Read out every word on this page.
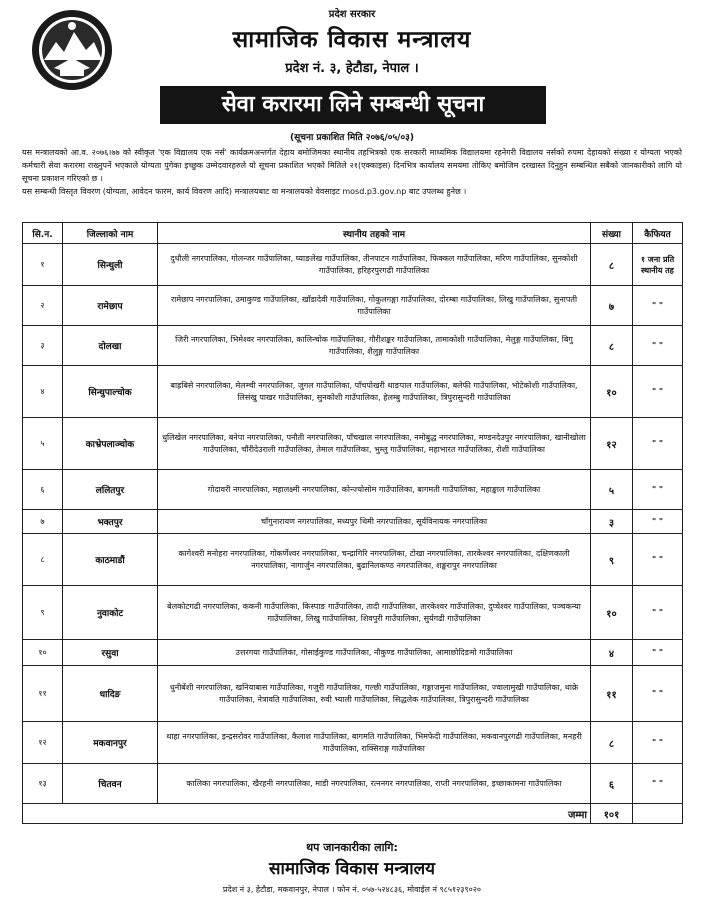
प्रदेश सरकार
सामाजिक विकास मन्त्रालय
प्रदेश नं. ३, हेटौडा, नेपाल ।
सेवा करारमा लिने सम्बन्धी सूचना
(सूचना प्रकाशित मिति २०७६/०५/०३)
यस मन्त्रालयको आ.व. २०७६।७७ को स्वीकृत 'एक विद्यालय एक नर्स' कार्यक्रमअन्तर्गत देहाय बमोजिमका स्थानीय तहभित्रको एक सरकारी माध्यमिक विद्यालयमा रहनेगरी विद्यालय नर्सको रुपमा देहायको संख्या र योग्यता भएको कर्मचारी सेवा करारमा राख्नुपर्ने भएकाले योग्यता पुगेका इच्छुक उम्मेदवारहरुले यो सूचना प्रकाशित भएको मितिले २१(एक्काइस) दिनभित्र कार्यालय समयमा तोकिए बमोजिम दरखास्त दिनुहुन सम्बन्धित सबैको जानकारीको लागि यो सूचना प्रकाशन गरिएको छ ।
यस सम्बन्धी विस्तृत विवरण (योग्यता, आवेदन फारम, कार्य विवरण आदि) मन्त्रालयबाट वा मन्त्रालयको वेवसाइट mosd.p3.gov.np बाट उपलब्ध हुनेछ ।
सि.न.	जिल्लाको नाम	स्थानीय तहको नाम	संख्या	कैफियत
१	सिन्धुली	दुधौली नगरपालिका, गोलन्जर गाउँपालिका, घ्याङलेख गाउँपालिका, तीनपाटन गाउँपालिका, फिक्कल गाउँपालिका, मरिण गाउँपालिका, सुनकोशी गाउँपालिका, हरिहरपुरगढी गाउँपालिका	८	१ जना प्रति स्थानीय तह
२	रामेछाप	रामेछाप नगरपालिका, उमाकुण्ड गाउँपालिका, खाँडादेवी गाउँपालिका, गोकुलगङ्गा गाउँपालिका, दोरम्बा गाउँपालिका, लिखु गाउँपालिका, सुनापती गाउँपालिका	७	" "
३	दोलखा	जिरी नगरपालिका, भिमेश्वर नगरपालिका, कालिन्चोक गाउँपालिका, गौरीशङ्कर गाउँपालिका, तामाकोशी गाउँपालिका, मेलुङ्ग गाउँपालिका, बिगु गाउँपालिका, शैलुङ्ग गाउँपालिका	८	" "
४	सिन्धुपाल्चोक	बाह्रबिसे नगरपालिका, मेलम्ची नगरपालिका, जुगल गाउँपालिका, पाँचपोखरी थाङपाल गाउँपालिका, बलेफी गाउँपालिका, भोटेकोशी गाउँपालिका, लिसंखु पाखर गाउँपालिका, सुनकोशी गाउँपालिका, हेलम्बु गाउँपालिका, त्रिपुरासुन्दरी गाउँपालिका	१०	" "
५	काभ्रेपलाञ्चोक	धुलिखेल नगरपालिका, बनेपा नगरपालिका, पनौती नगरपालिका, पाँचखाल नगरपालिका, नमोबुद्ध नगरपालिका, मण्डनदेउपुर नगरपालिका, खानीखोला गाउँपालिका, चौंरीदेउराली गाउँपालिका, तेमाल गाउँपालिका, भुम्लु गाउँपालिका, महाभारत गाउँपालिका, रोशी गाउँपालिका	१२	" "
६	ललितपुर	गोदावरी नगरपालिका, महालक्ष्मी नगरपालिका, कोन्ज्योसोम गाउँपालिका, बागमती गाउँपालिका, महाङ्काल गाउँपालिका	५	" "
७	भक्तपुर	चाँगुनारायण नगरपालिका, मध्यपुर थिमी नगरपालिका, सूर्यविनायक नगरपालिका	३	" "
८	काठमाडौं	कागेश्वरी मनोहरा नगरपालिका, गोकर्णेश्वर नगरपालिका, चन्द्रागिरि नगरपालिका, टोखा नगरपालिका, तारकेश्वर नगरपालिका, दक्षिणकाली नगरपालिका, नागार्जुन नगरपालिका, बुढानिलकण्ठ नगरपालिका, शङ्खरापुर नगरपालिका	९	" "
९	नुवाकोट	बेलकोटगढी नगरपालिका, ककनी गाउँपालिका, किस्पाङ गाउँपालिका, तादी गाउँपालिका, तारकेश्वर गाउँपालिका, दुप्चेश्वर गाउँपालिका, पञ्चकन्या गाउँपालिका, लिखु गाउँपालिका, शिवपुरी गाउँपालिका, सुर्यगढी गाउँपालिका	१०	" "
१०	रसुवा	उत्तरगया गाउँपालिका, गोसाईकुण्ड गाउँपालिका, नौकुण्ड गाउँपालिका, आमाछोदिङमो गाउँपालिका	४	" "
११	धादिङ	धुनीबेंशी नगरपालिका, खनियाबास गाउँपालिका, गजुरी गाउँपालिका, गल्छी गाउँपालिका, गङ्गाजमुना गाउँपालिका, ज्वालामुखी गाउँपालिका, थाक्रे गाउँपालिका, नेत्रावति गाउँपालिका, रुवी भ्याली गाउँपालिका, सिद्धलेक गाउँपालिका, त्रिपुरासुन्दरी गाउँपालिका	११	" "
१२	मकवानपुर	थाहा नगरपालिका, इन्द्रसरोवर गाउँपालिका, कैलाश गाउँपालिका, बागमति गाउँपालिका, भिमफेदी गाउँपालिका, मकवानपुरगढी गाउँपालिका, मनहरी गाउँपालिका, राक्सिराङ्ग गाउँपालिका	८	" "
१३	चितवन	कालिका नगरपालिका, खैरहनी नगरपालिका, माडी नगरपालिका, रत्ननगर नगरपालिका, राप्ती नगरपालिका, इच्छाकामना गाउँपालिका	६	" "
जम्मा			१०१	
थप जानकारीका लागि:
सामाजिक विकास मन्त्रालय
प्रदेश नं ३, हेटौडा, मकवानपुर, नेपाल । फोन नं. ०५७-५२४८३६, मोवाईल नं ९८५१२३९०२०
